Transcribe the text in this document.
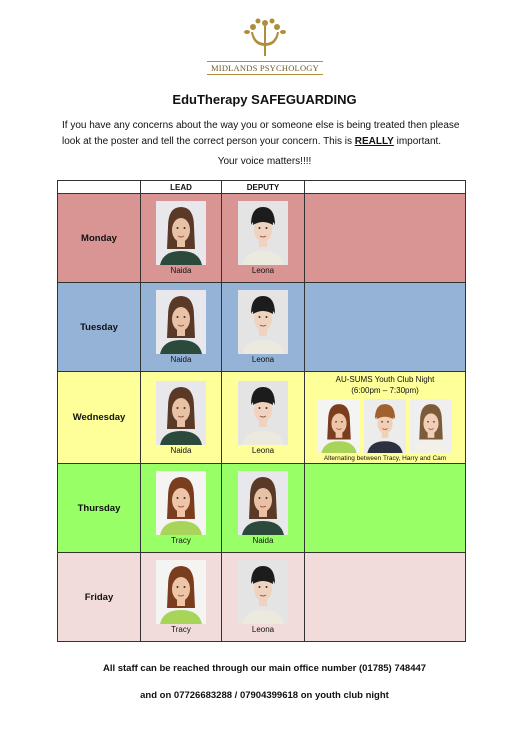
MIDLANDS PSYCHOLOGY
EduTherapy SAFEGUARDING
If you have any concerns about the way you or someone else is being treated then please look at the poster and tell the correct person your concern. This is REALLY important.
Your voice matters!!!!
	LEAD	DEPUTY	
Monday	Naida	Leona	

Tuesday	Naida	Leona	

Wednesday	Naida	Leona	AU-SUMS Youth Club Night
(6:00pm – 7:30pm)
Alternating between Tracy, Harry and Cam

Thursday	Tracy	Naida	

Friday	Tracy	Leona	

All staff can be reached through our main office number (01785) 748447
and on 07726683288 / 07904399618 on youth club night
